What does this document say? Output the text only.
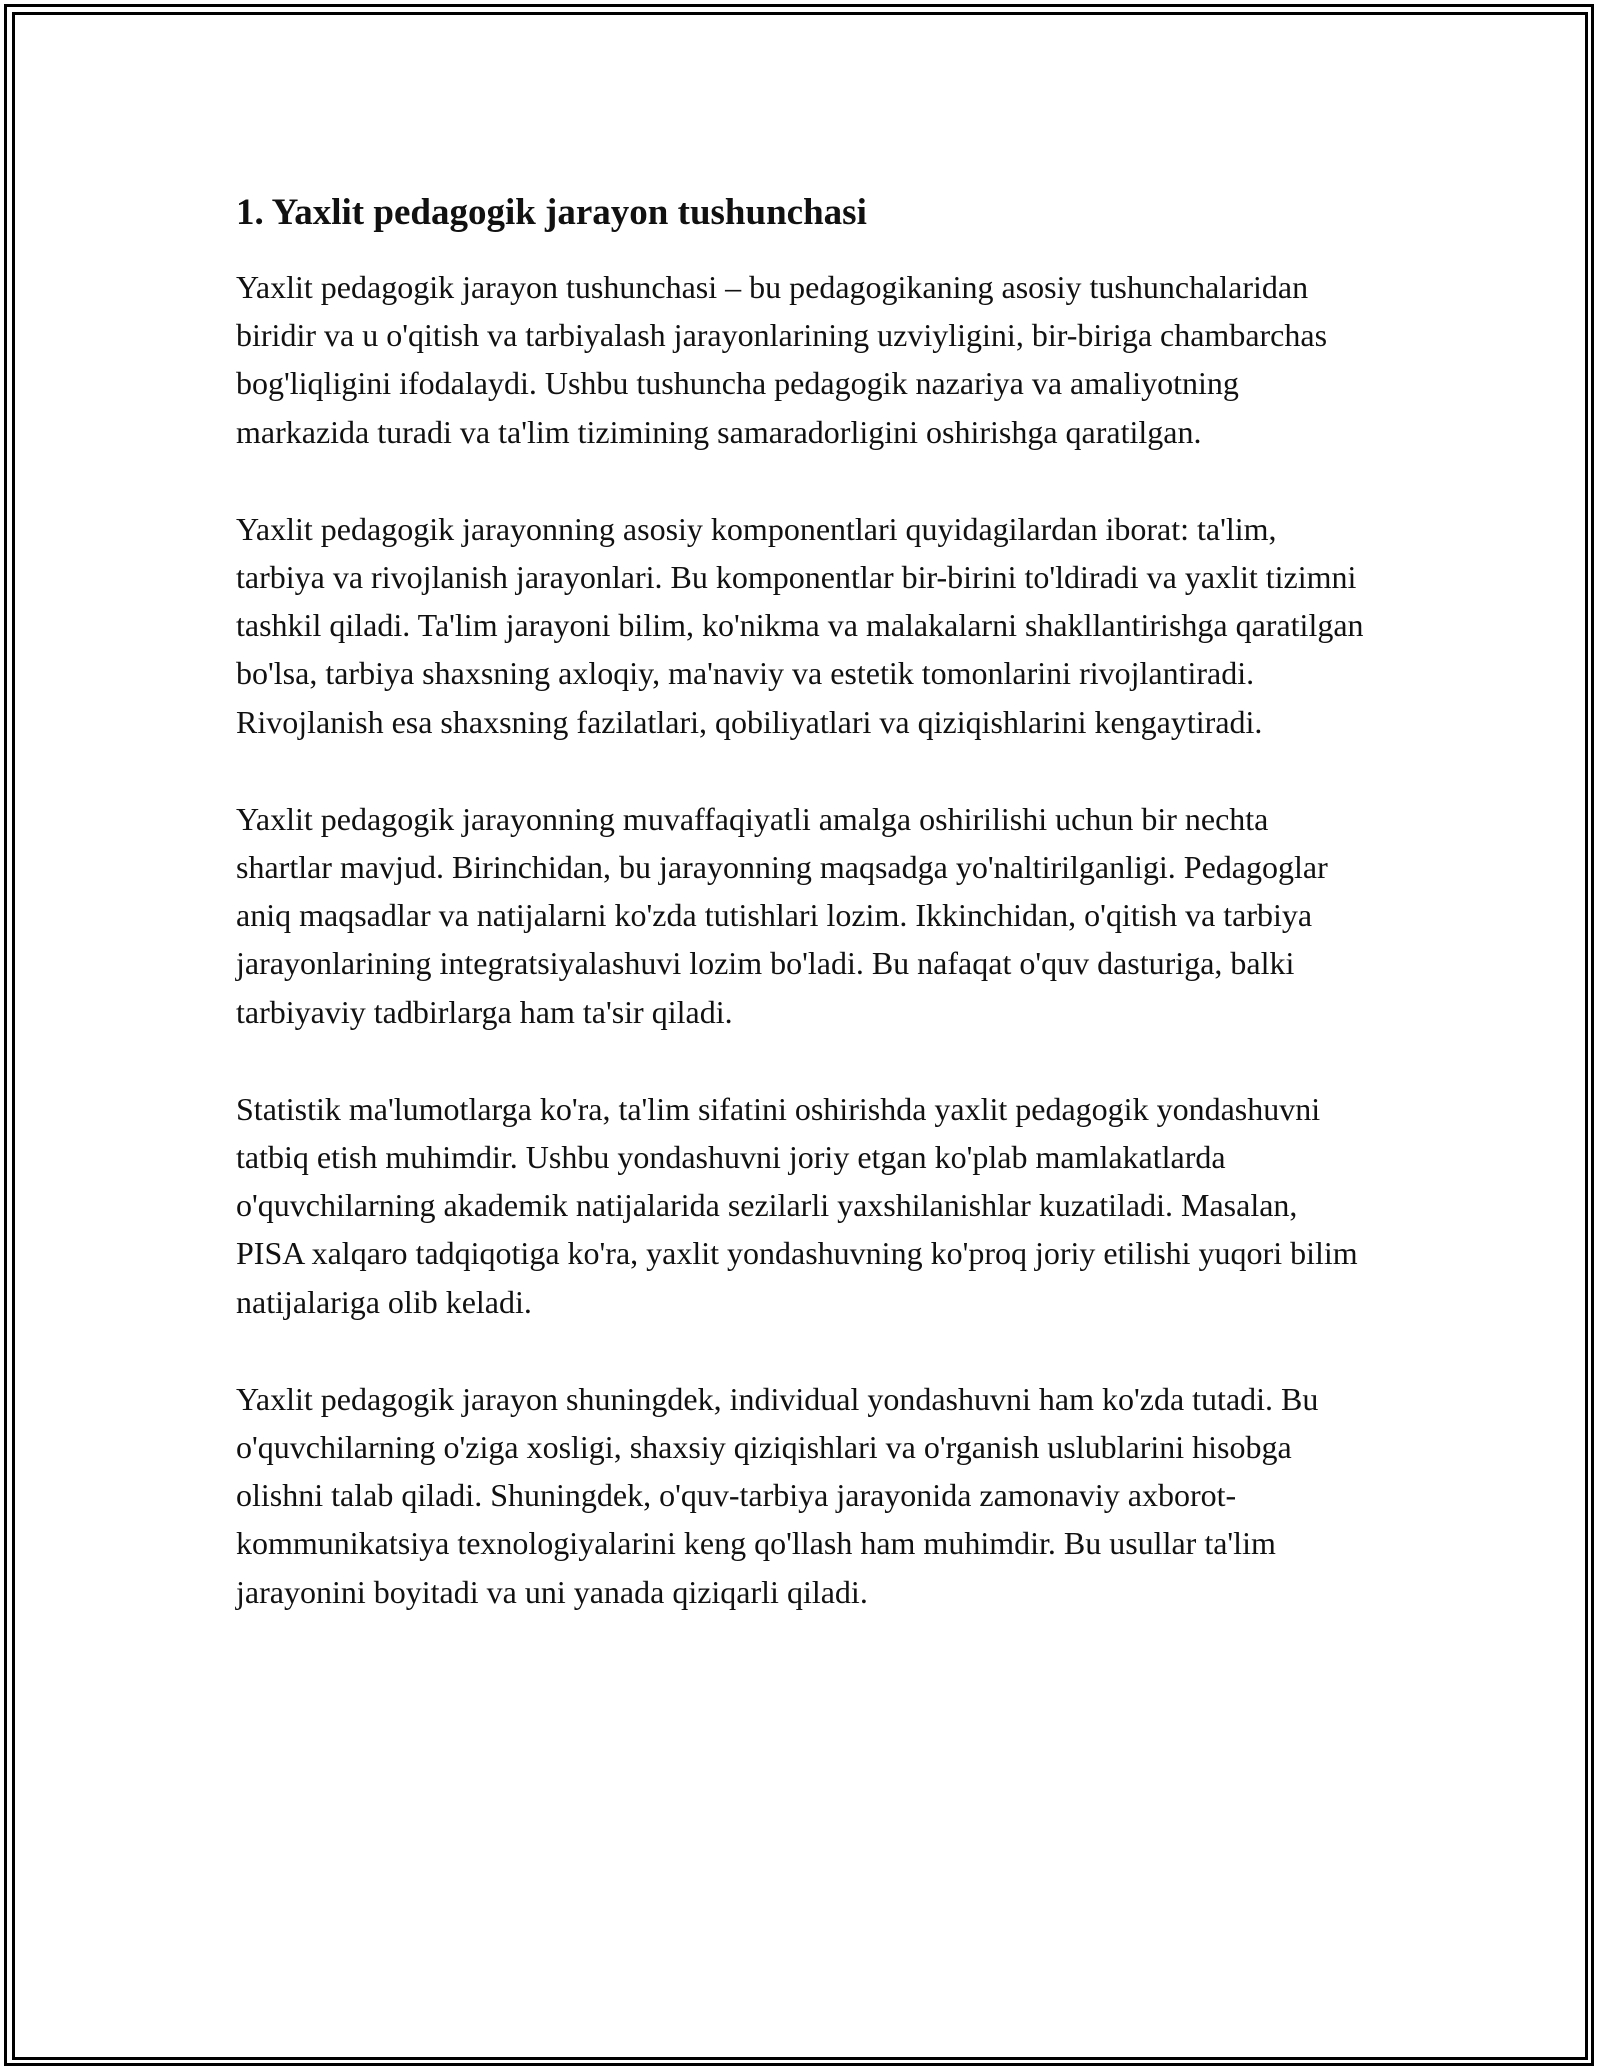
1. Yaxlit pedagogik jarayon tushunchasi

Yaxlit pedagogik jarayon tushunchasi – bu pedagogikaning asosiy tushunchalaridan biridir va u o'qitish va tarbiyalash jarayonlarining uzviyligini, bir-biriga chambarchas bog'liqligini ifodalaydi. Ushbu tushuncha pedagogik nazariya va amaliyotning markazida turadi va ta'lim tizimining samaradorligini oshirishga qaratilgan.

Yaxlit pedagogik jarayonning asosiy komponentlari quyidagilardan iborat: ta'lim, tarbiya va rivojlanish jarayonlari. Bu komponentlar bir-birini to'ldiradi va yaxlit tizimni tashkil qiladi. Ta'lim jarayoni bilim, ko'nikma va malakalarni shakllantirishga qaratilgan bo'lsa, tarbiya shaxsning axloqiy, ma'naviy va estetik tomonlarini rivojlantiradi. Rivojlanish esa shaxsning fazilatlari, qobiliyatlari va qiziqishlarini kengaytiradi.

Yaxlit pedagogik jarayonning muvaffaqiyatli amalga oshirilishi uchun bir nechta shartlar mavjud. Birinchidan, bu jarayonning maqsadga yo'naltirilganligi. Pedagoglar aniq maqsadlar va natijalarni ko'zda tutishlari lozim. Ikkinchidan, o'qitish va tarbiya jarayonlarining integratsiyalashuvi lozim bo'ladi. Bu nafaqat o'quv dasturiga, balki tarbiyaviy tadbirlarga ham ta'sir qiladi.

Statistik ma'lumotlarga ko'ra, ta'lim sifatini oshirishda yaxlit pedagogik yondashuvni tatbiq etish muhimdir. Ushbu yondashuvni joriy etgan ko'plab mamlakatlarda o'quvchilarning akademik natijalarida sezilarli yaxshilanishlar kuzatiladi. Masalan, PISA xalqaro tadqiqotiga ko'ra, yaxlit yondashuvning ko'proq joriy etilishi yuqori bilim natijalariga olib keladi.

Yaxlit pedagogik jarayon shuningdek, individual yondashuvni ham ko'zda tutadi. Bu o'quvchilarning o'ziga xosligi, shaxsiy qiziqishlari va o'rganish uslublarini hisobga olishni talab qiladi. Shuningdek, o'quv-tarbiya jarayonida zamonaviy axborot-kommunikatsiya texnologiyalarini keng qo'llash ham muhimdir. Bu usullar ta'lim jarayonini boyitadi va uni yanada qiziqarli qiladi.
